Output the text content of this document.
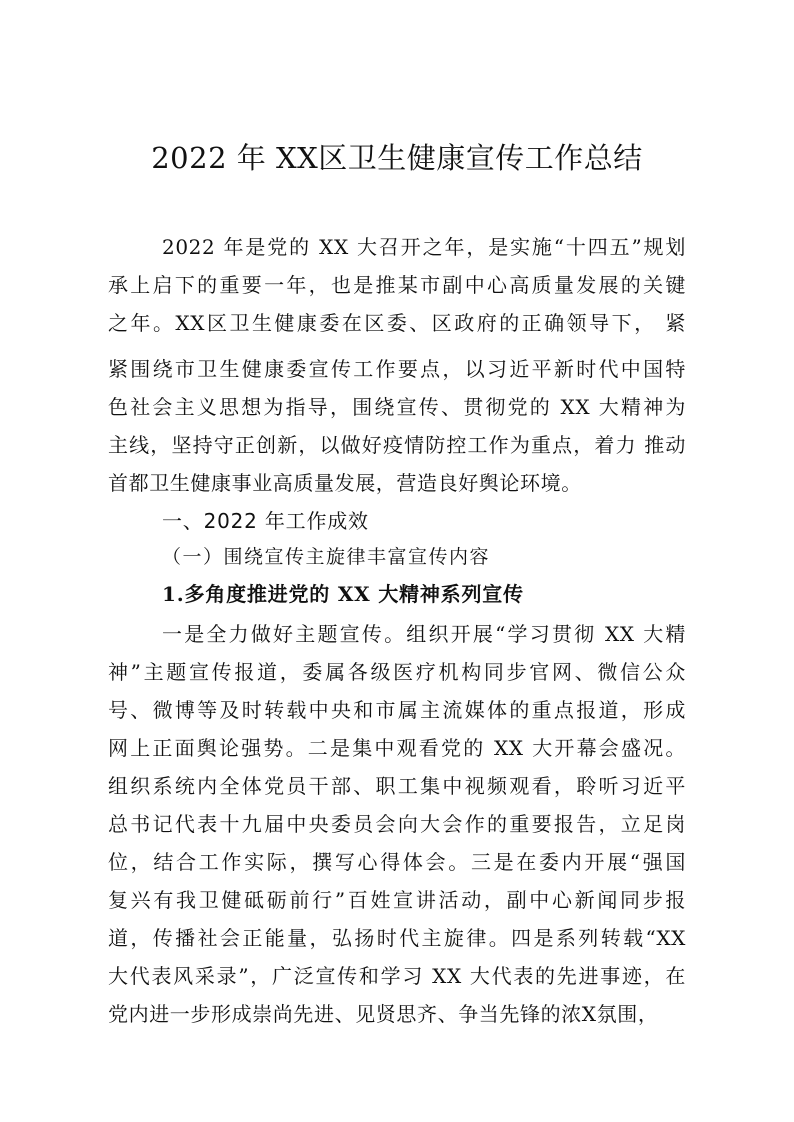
2022 年 XX区卫生健康宣传工作总结
2022 年是党的 XX 大召开之年，是实施“十四五”规划
承上启下的重要一年，也是推某市副中心高质量发展的关键
之年。XX区卫生健康委在区委、区政府的正确领导下， 紧
紧围绕市卫生健康委宣传工作要点，以习近平新时代中国特
色社会主义思想为指导，围绕宣传、贯彻党的 XX 大精神为
主线，坚持守正创新，以做好疫情防控工作为重点，着力 推动
首都卫生健康事业高质量发展，营造良好舆论环境。
一、2022 年工作成效
（一）围绕宣传主旋律丰富宣传内容
1.多角度推进党的 XX 大精神系列宣传
一是全力做好主题宣传。组织开展“学习贯彻 XX 大精
神”主题宣传报道，委属各级医疗机构同步官网、微信公众
号、微博等及时转载中央和市属主流媒体的重点报道，形成
网上正面舆论强势。二是集中观看党的 XX 大开幕会盛况。
组织系统内全体党员干部、职工集中视频观看，聆听习近平
总书记代表十九届中央委员会向大会作的重要报告，立足岗
位，结合工作实际，撰写心得体会。三是在委内开展“强国
复兴有我卫健砥砺前行”百姓宣讲活动，副中心新闻同步报
道，传播社会正能量，弘扬时代主旋律。四是系列转载“XX
大代表风采录”，广泛宣传和学习 XX 大代表的先进事迹，在
党内进一步形成崇尚先进、见贤思齐、争当先锋的浓X氛围，
